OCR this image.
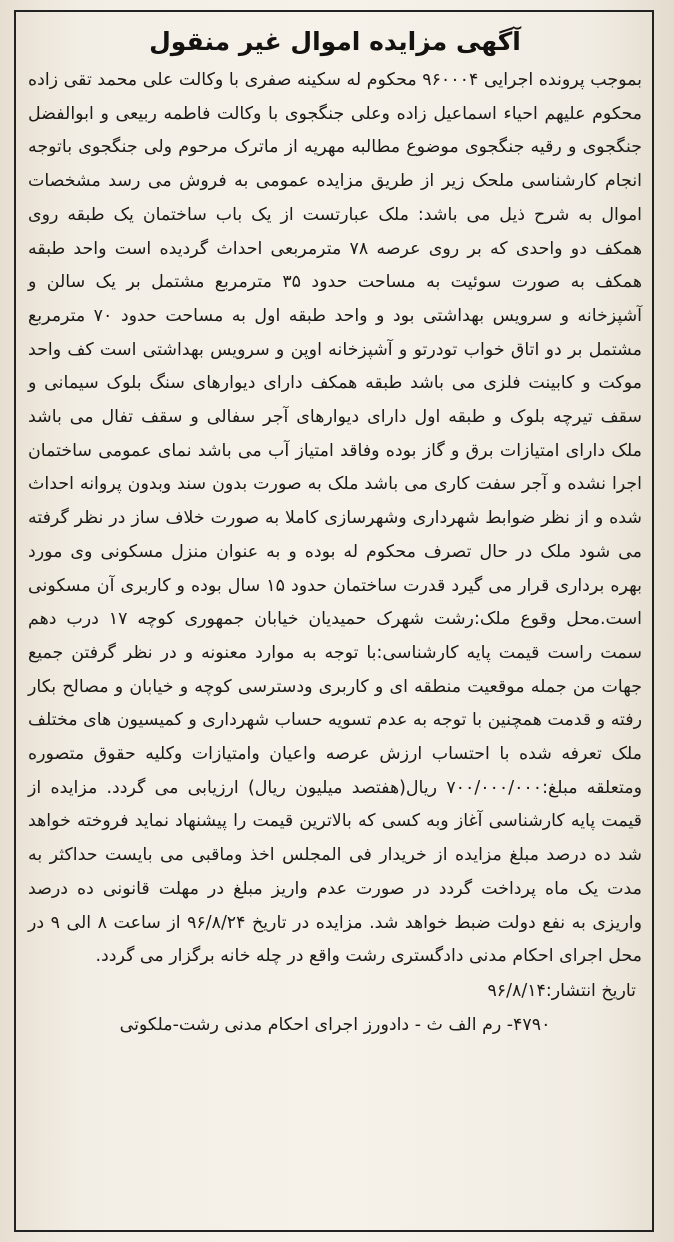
آگهی مزایده اموال غیر منقول

بموجب پرونده اجرایی ۹۶۰۰۰۴ محکوم له سکینه صفری با وکالت علی محمد تقی زاده محکوم علیهم احیاء اسماعیل زاده وعلی جنگجوی با وکالت فاطمه ربیعی و ابوالفضل جنگجوی و رقیه جنگجوی موضوع مطالبه مهریه از ماترک مرحوم ولی جنگجوی باتوجه انجام کارشناسی ملحک زیر از طریق مزایده عمومی به فروش می رسد مشخصات اموال به شرح ذیل می باشد: ملک عبارتست از یک باب ساختمان یک طبقه روی همکف دو واحدی که بر روی عرصه ۷۸ مترمربعی احداث گردیده است واحد طبقه همکف به صورت سوئیت به مساحت حدود ۳۵ مترمربع مشتمل بر یک سالن و آشپزخانه و سرویس بهداشتی بود و واحد طبقه اول به مساحت حدود ۷۰ مترمربع مشتمل بر دو اتاق خواب تودرتو و آشپزخانه اوپن و سرویس بهداشتی است کف واحد موکت و کابینت فلزی می باشد طبقه همکف دارای دیوارهای سنگ بلوک سیمانی و سقف تیرچه بلوک و طبقه اول دارای دیوارهای آجر سفالی و سقف تفال می باشد ملک دارای امتیازات برق و گاز بوده وفاقد امتیاز آب می باشد نمای عمومی ساختمان اجرا نشده و آجر سفت کاری می باشد ملک به صورت بدون سند وبدون پروانه احداث شده و از نظر ضوابط شهرداری وشهرسازی کاملا به صورت خلاف ساز در نظر گرفته می شود ملک در حال تصرف محکوم له بوده و به عنوان منزل مسکونی وی مورد بهره برداری قرار می گیرد قدرت ساختمان حدود ۱۵ سال بوده و کاربری آن مسکونی است.محل وقوع ملک:رشت شهرک حمیدیان خیابان جمهوری کوچه ۱۷ درب دهم سمت راست قیمت پایه کارشناسی:با توجه به موارد معنونه و در نظر گرفتن جمیع جهات من جمله موقعیت منطقه ای و کاربری ودسترسی کوچه و خیابان و مصالح بکار رفته و قدمت همچنین با توجه به عدم تسویه حساب شهرداری و کمیسیون های مختلف ملک تعرفه شده با احتساب ارزش عرصه واعیان وامتیازات وکلیه حقوق متصوره ومتعلقه مبلغ:۷۰۰/۰۰۰/۰۰۰ ریال(هفتصد میلیون ریال) ارزیابی می گردد. مزایده از قیمت پایه کارشناسی آغاز وبه کسی که بالاترین قیمت را پیشنهاد نماید فروخته خواهد شد ده درصد مبلغ مزایده از خریدار فی المجلس اخذ وماقبی می بایست حداکثر به مدت یک ماه پرداخت گردد در صورت عدم واریز مبلغ در مهلت قانونی ده درصد واریزی به نفع دولت ضبط خواهد شد. مزایده در تاریخ ۹۶/۸/۲۴ از ساعت ۸ الی ۹ در محل اجرای احکام مدنی دادگستری رشت واقع در چله خانه برگزار می گردد.

تاریخ انتشار:۹۶/۸/۱۴

۴۷۹۰- رم الف ث - دادورز اجرای احکام مدنی رشت-ملکوتی
